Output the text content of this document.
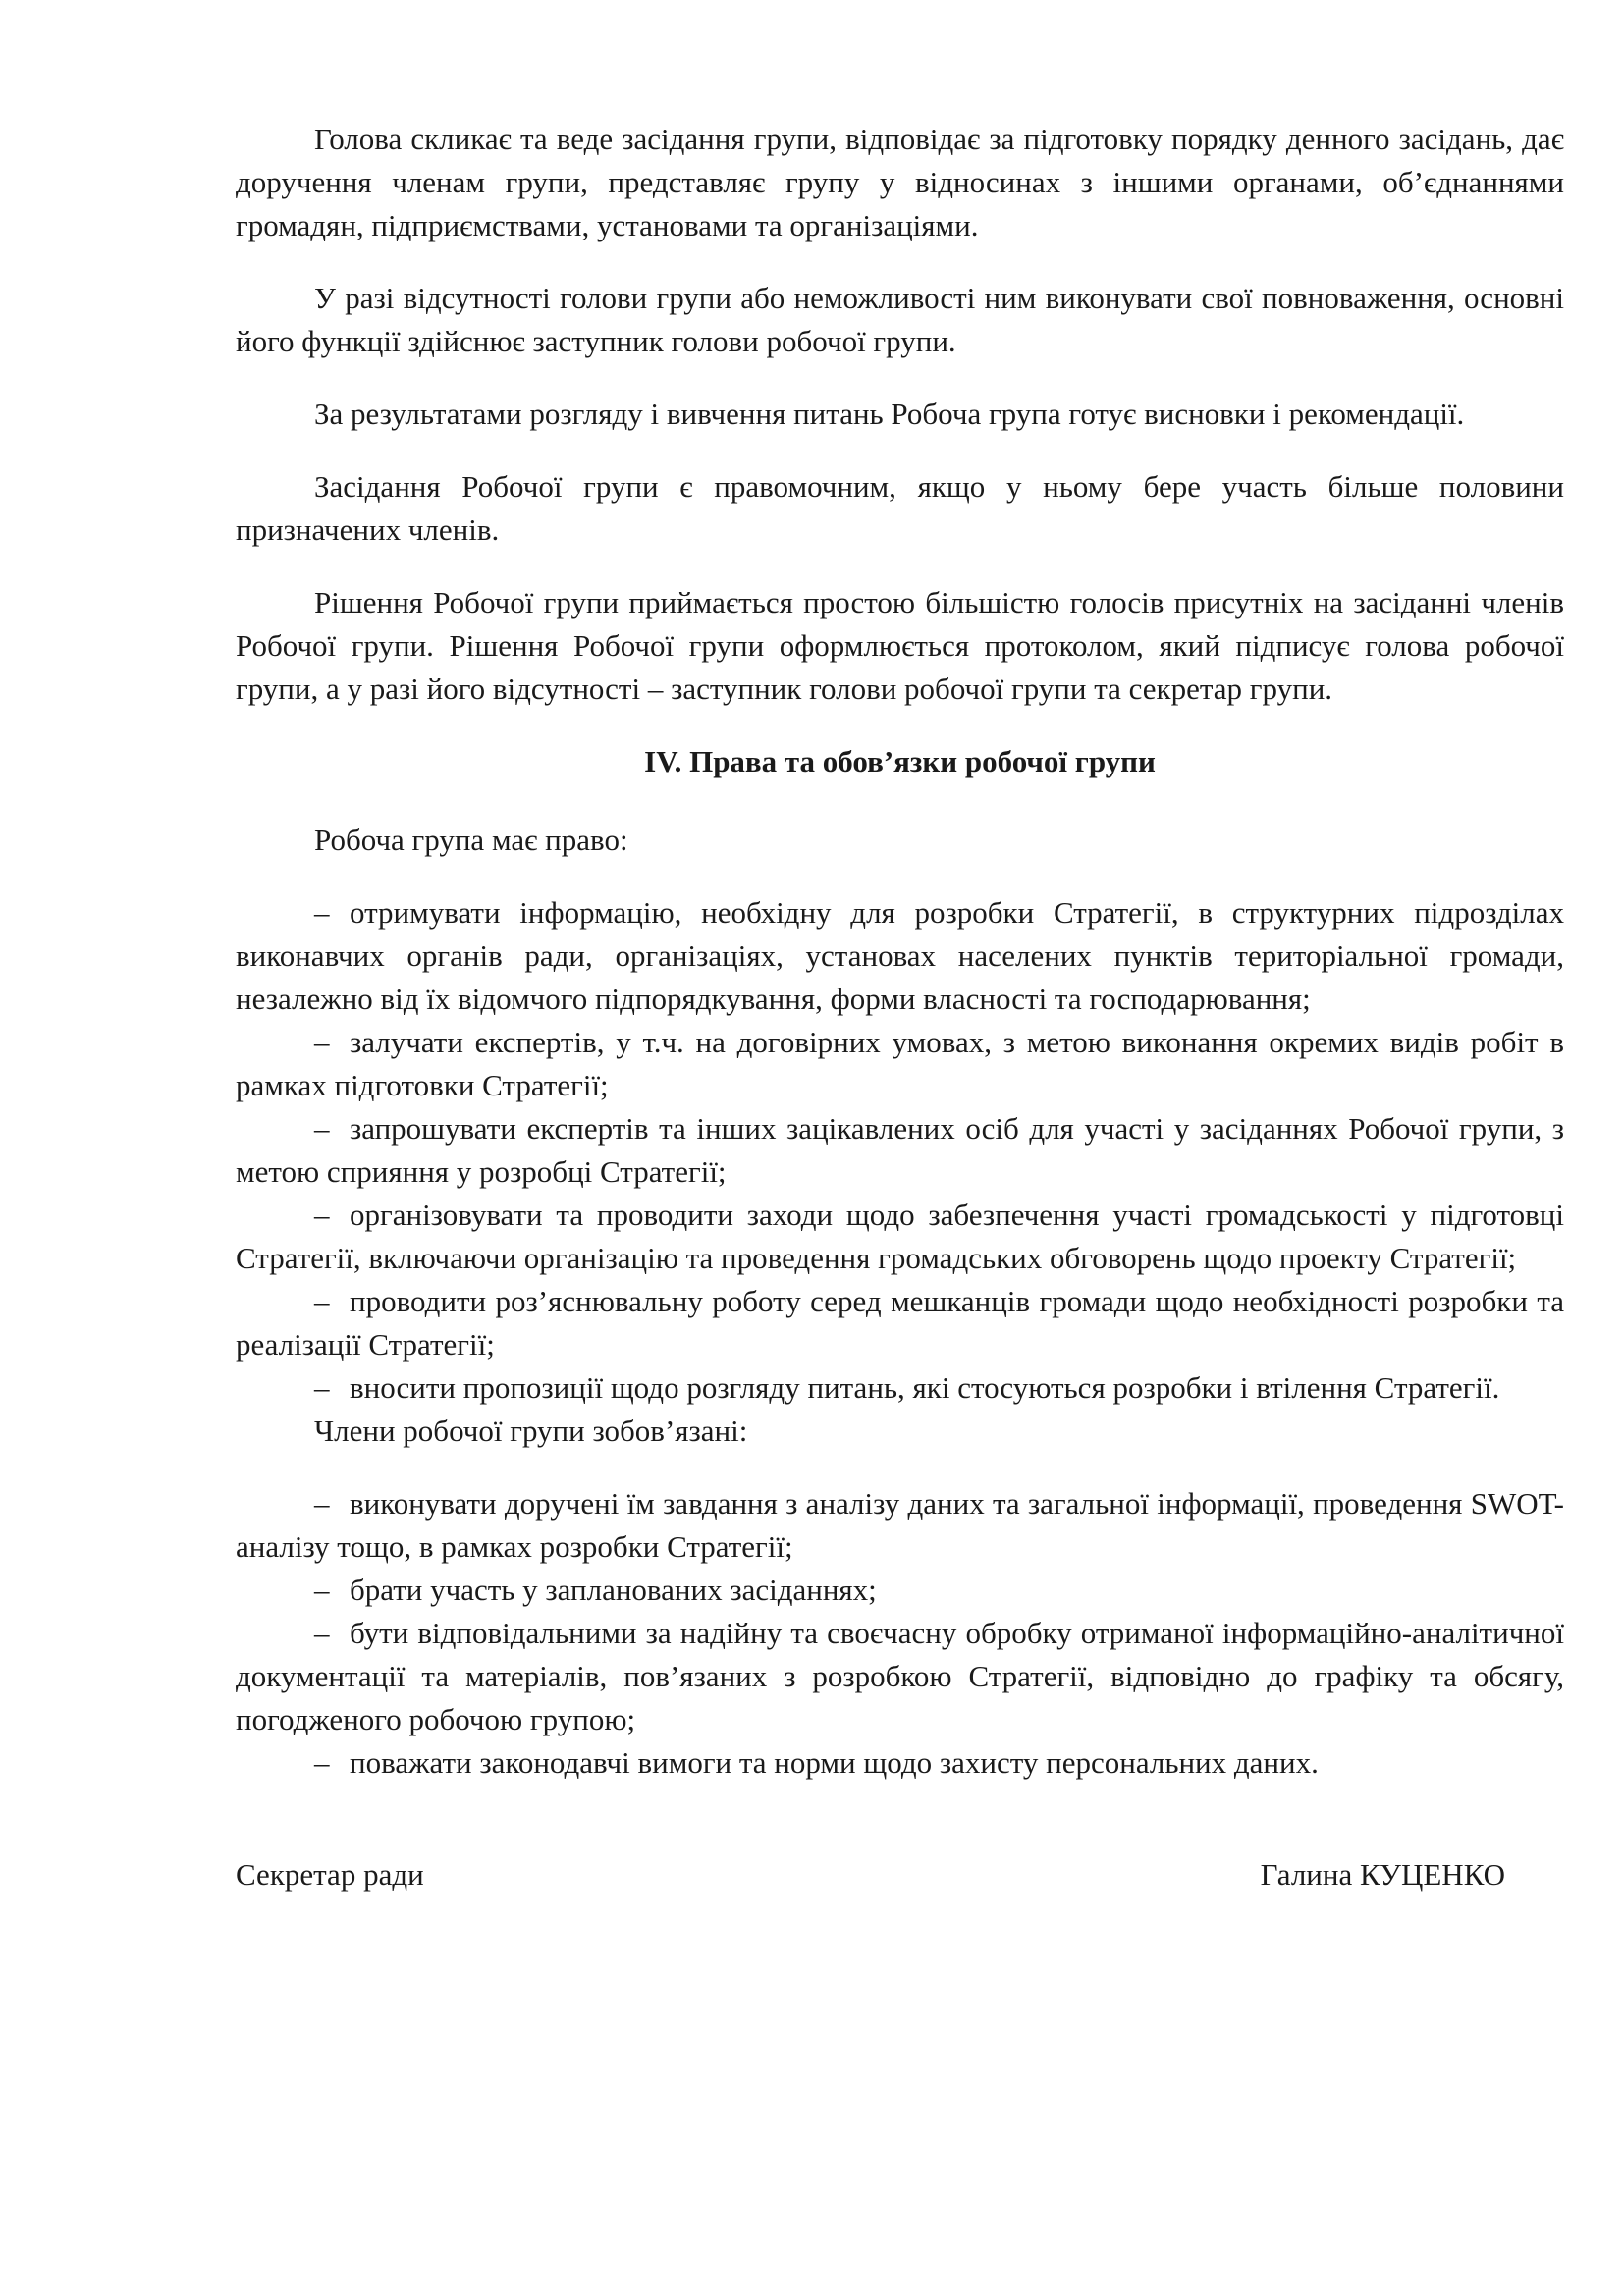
Голова скликає та веде засідання групи, відповідає за підготовку порядку денного засідань, дає доручення членам групи, представляє групу у відносинах з іншими органами, об’єднаннями громадян, підприємствами, установами та організаціями.

У разі відсутності голови групи або неможливості ним виконувати свої повноваження, основні його функції здійснює заступник голови робочої групи.

За результатами розгляду і вивчення питань Робоча група готує висновки і рекомендації.

Засідання Робочої групи є правомочним, якщо у ньому бере участь більше половини призначених членів.

Рішення Робочої групи приймається простою більшістю голосів присутніх на засіданні членів Робочої групи. Рішення Робочої групи оформлюється протоколом, який підписує голова робочої групи, а у разі його відсутності – заступник голови робочої групи та секретар групи.

IV. Права та обов’язки робочої групи

Робоча група має право:

– отримувати інформацію, необхідну для розробки Стратегії, в структурних підрозділах виконавчих органів ради, організаціях, установах населених пунктів територіальної громади, незалежно від їх відомчого підпорядкування, форми власності та господарювання;
– залучати експертів, у т.ч. на договірних умовах, з метою виконання окремих видів робіт в рамках підготовки Стратегії;
– запрошувати експертів та інших зацікавлених осіб для участі у засіданнях Робочої групи, з метою сприяння у розробці Стратегії;
– організовувати та проводити заходи щодо забезпечення участі громадськості у підготовці Стратегії, включаючи організацію та проведення громадських обговорень щодо проекту Стратегії;
– проводити роз’яснювальну роботу серед мешканців громади щодо необхідності розробки та реалізації Стратегії;
– вносити пропозиції щодо розгляду питань, які стосуються розробки і втілення Стратегії.

Члени робочої групи зобов’язані:

– виконувати доручені їм завдання з аналізу даних та загальної інформації, проведення SWOT-аналізу тощо, в рамках розробки Стратегії;
– брати участь у запланованих засіданнях;
– бути відповідальними за надійну та своєчасну обробку отриманої інформаційно-аналітичної документації та матеріалів, пов’язаних з розробкою Стратегії, відповідно до графіку та обсягу, погодженого робочою групою;
– поважати законодавчі вимоги та норми щодо захисту персональних даних.
Секретар ради	Галина КУЦЕНКО
